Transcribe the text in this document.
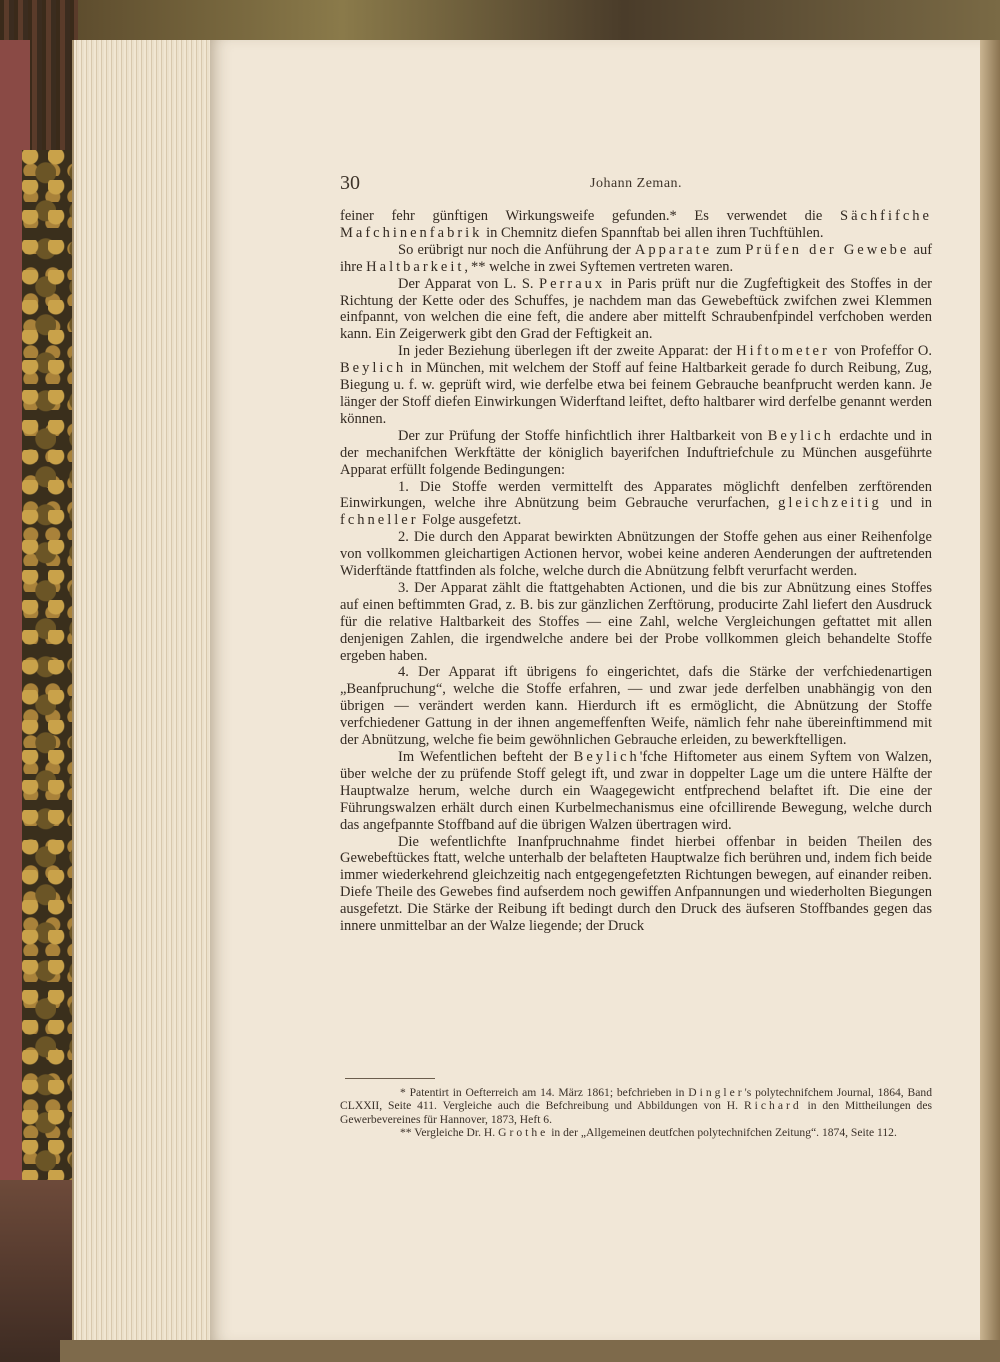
30	Johann Zeman.

feiner fehr günftigen Wirkungsweife gefunden.* Es verwendet die Sächfifche Mafchinenfabrik in Chemnitz diefen Spannftab bei allen ihren Tuchftühlen.

So erübrigt nur noch die Anführung der Apparate zum Prüfen der Gewebe auf ihre Haltbarkeit,** welche in zwei Syftemen vertreten waren.

Der Apparat von L. S. Perraux in Paris prüft nur die Zugfeftigkeit des Stoffes in der Richtung der Kette oder des Schuffes, je nachdem man das Gewebeftück zwifchen zwei Klemmen einfpannt, von welchen die eine feft, die andere aber mittelft Schraubenfpindel verfchoben werden kann. Ein Zeigerwerk gibt den Grad der Feftigkeit an.

In jeder Beziehung überlegen ift der zweite Apparat: der Hiftometer von Profeffor O. Beylich in München, mit welchem der Stoff auf feine Haltbarkeit gerade fo durch Reibung, Zug, Biegung u. f. w. geprüft wird, wie derfelbe etwa bei feinem Gebrauche beanfprucht werden kann. Je länger der Stoff diefen Einwirkungen Widerftand leiftet, defto haltbarer wird derfelbe genannt werden können.

Der zur Prüfung der Stoffe hinfichtlich ihrer Haltbarkeit von Beylich erdachte und in der mechanifchen Werkftätte der königlich bayerifchen Induftriefchule zu München ausgeführte Apparat erfüllt folgende Bedingungen:

1. Die Stoffe werden vermittelft des Apparates möglichft denfelben zerftörenden Einwirkungen, welche ihre Abnützung beim Gebrauche verurfachen, gleichzeitig und in fchneller Folge ausgefetzt.

2. Die durch den Apparat bewirkten Abnützungen der Stoffe gehen aus einer Reihenfolge von vollkommen gleichartigen Actionen hervor, wobei keine anderen Aenderungen der auftretenden Widerftände ftattfinden als folche, welche durch die Abnützung felbft verurfacht werden.

3. Der Apparat zählt die ftattgehabten Actionen, und die bis zur Abnützung eines Stoffes auf einen beftimmten Grad, z. B. bis zur gänzlichen Zerftörung, producirte Zahl liefert den Ausdruck für die relative Haltbarkeit des Stoffes — eine Zahl, welche Vergleichungen geftattet mit allen denjenigen Zahlen, die irgendwelche andere bei der Probe vollkommen gleich behandelte Stoffe ergeben haben.

4. Der Apparat ift übrigens fo eingerichtet, dafs die Stärke der verfchiedenartigen „Beanfpruchung“, welche die Stoffe erfahren, — und zwar jede derfelben unabhängig von den übrigen — verändert werden kann. Hierdurch ift es ermöglicht, die Abnützung der Stoffe verfchiedener Gattung in der ihnen angemeffenften Weife, nämlich fehr nahe übereinftimmend mit der Abnützung, welche fie beim gewöhnlichen Gebrauche erleiden, zu bewerkftelligen.

Im Wefentlichen befteht der Beylich'fche Hiftometer aus einem Syftem von Walzen, über welche der zu prüfende Stoff gelegt ift, und zwar in doppelter Lage um die untere Hälfte der Hauptwalze herum, welche durch ein Waagegewicht entfprechend belaftet ift. Die eine der Führungswalzen erhält durch einen Kurbelmechanismus eine ofcillirende Bewegung, welche durch das angefpannte Stoffband auf die übrigen Walzen übertragen wird.

Die wefentlichfte Inanfpruchnahme findet hierbei offenbar in beiden Theilen des Gewebeftückes ftatt, welche unterhalb der belafteten Hauptwalze fich berühren und, indem fich beide immer wiederkehrend gleichzeitig nach entgegengefetzten Richtungen bewegen, auf einander reiben. Diefe Theile des Gewebes find aufserdem noch gewiffen Anfpannungen und wiederholten Biegungen ausgefetzt. Die Stärke der Reibung ift bedingt durch den Druck des äufseren Stoffbandes gegen das innere unmittelbar an der Walze liegende; der Druck

* Patentirt in Oefterreich am 14. März 1861; befchrieben in Dingler's polytechnifchem Journal, 1864, Band CLXXII, Seite 411. Vergleiche auch die Befchreibung und Abbildungen von H. Richard in den Mittheilungen des Gewerbevereines für Hannover, 1873, Heft 6.

** Vergleiche Dr. H. Grothe in der „Allgemeinen deutfchen polytechnifchen Zeitung“. 1874, Seite 112.
